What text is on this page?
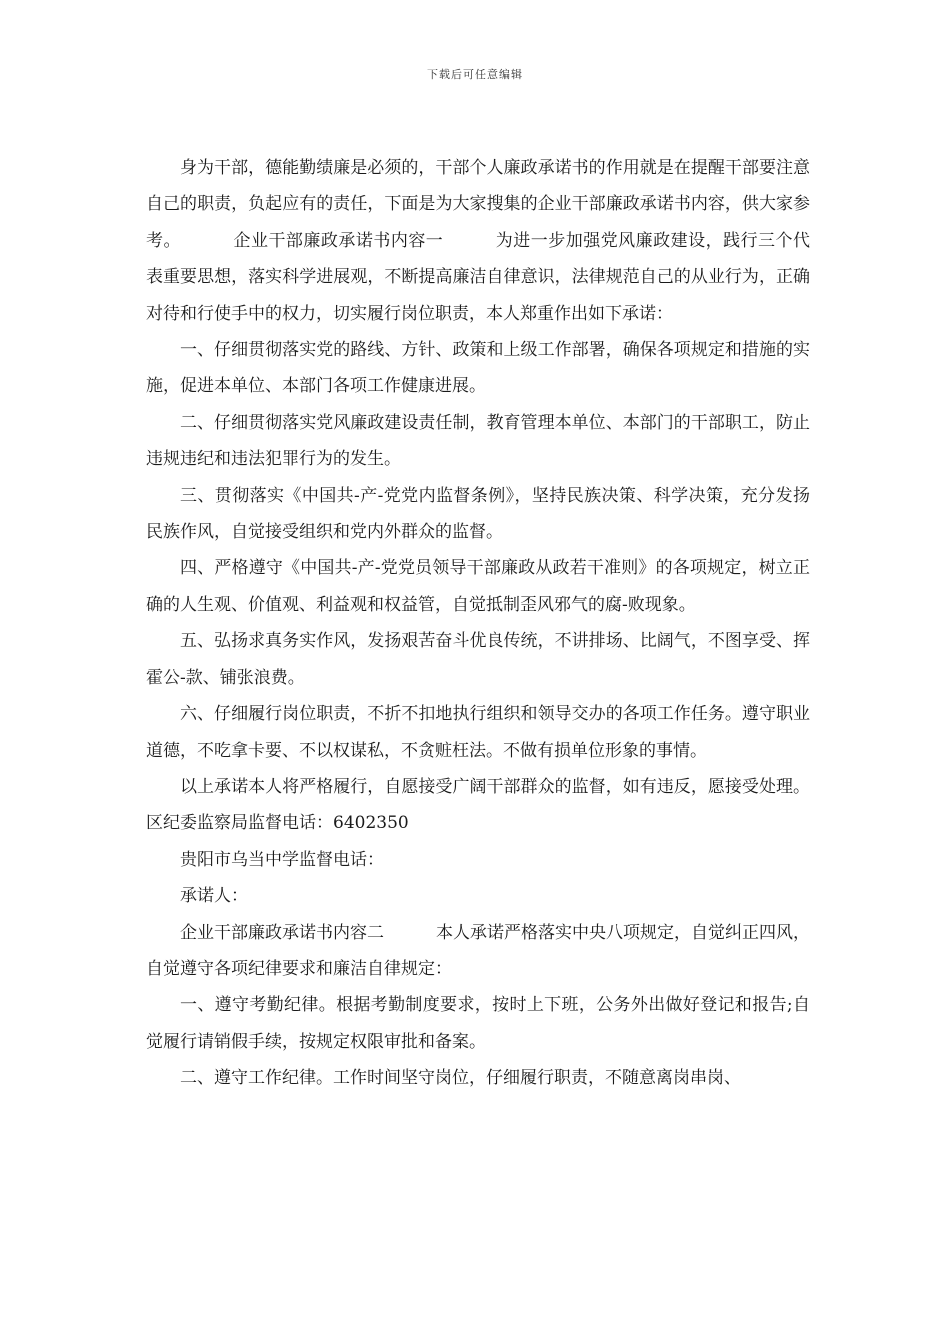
下载后可任意编辑

身为干部，德能勤绩廉是必须的，干部个人廉政承诺书的作用就是在提醒干部要注意自己的职责，负起应有的责任，下面是为大家搜集的企业干部廉政承诺书内容，供大家参考。	企业干部廉政承诺书内容一	为进一步加强党风廉政建设，践行三个代表重要思想，落实科学进展观，不断提高廉洁自律意识，法律规范自己的从业行为，正确对待和行使手中的权力，切实履行岗位职责，本人郑重作出如下承诺：

一、仔细贯彻落实党的路线、方针、政策和上级工作部署，确保各项规定和措施的实施，促进本单位、本部门各项工作健康进展。

二、仔细贯彻落实党风廉政建设责任制，教育管理本单位、本部门的干部职工，防止违规违纪和违法犯罪行为的发生。

三、贯彻落实《中国共-产-党党内监督条例》，坚持民族决策、科学决策，充分发扬民族作风，自觉接受组织和党内外群众的监督。

四、严格遵守《中国共-产-党党员领导干部廉政从政若干准则》的各项规定，树立正确的人生观、价值观、利益观和权益管，自觉抵制歪风邪气的腐-败现象。

五、弘扬求真务实作风，发扬艰苦奋斗优良传统，不讲排场、比阔气，不图享受、挥霍公-款、铺张浪费。

六、仔细履行岗位职责，不折不扣地执行组织和领导交办的各项工作任务。遵守职业道德，不吃拿卡要、不以权谋私，不贪赃枉法。不做有损单位形象的事情。

以上承诺本人将严格履行，自愿接受广阔干部群众的监督，如有违反，愿接受处理。 区纪委监察局监督电话：6402350

贵阳市乌当中学监督电话：

承诺人：

企业干部廉政承诺书内容二	本人承诺严格落实中央八项规定，自觉纠正四风， 自觉遵守各项纪律要求和廉洁自律规定：

一、遵守考勤纪律。根据考勤制度要求，按时上下班，公务外出做好登记和报告;自觉履行请销假手续，按规定权限审批和备案。

二、遵守工作纪律。工作时间坚守岗位，仔细履行职责，不随意离岗串岗、
